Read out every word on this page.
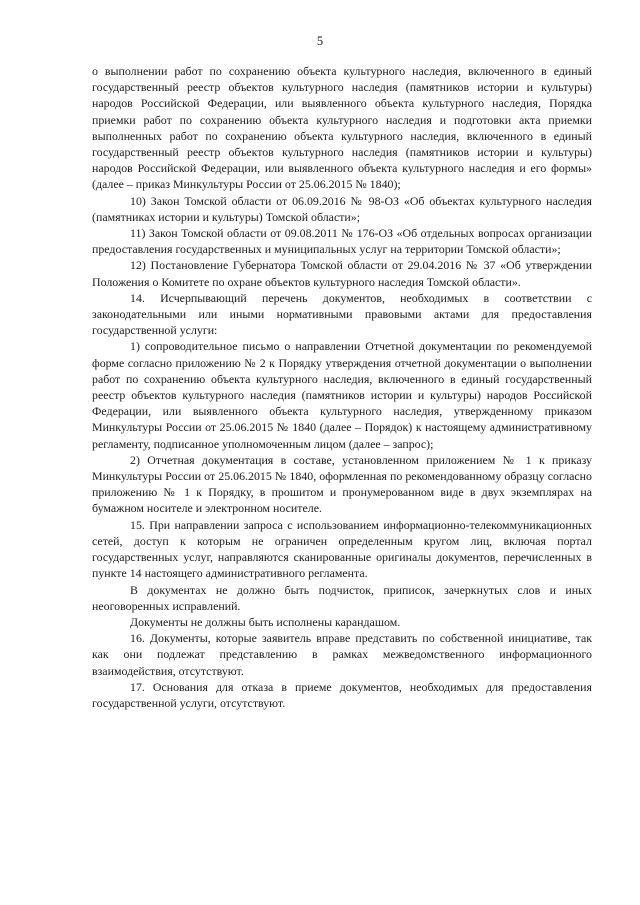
5

о выполнении работ по сохранению объекта культурного наследия, включенного в единый государственный реестр объектов культурного наследия (памятников истории и культуры) народов Российской Федерации, или выявленного объекта культурного наследия, Порядка приемки работ по сохранению объекта культурного наследия и подготовки акта приемки выполненных работ по сохранению объекта культурного наследия, включенного в единый государственный реестр объектов культурного наследия (памятников истории и культуры) народов Российской Федерации, или выявленного объекта культурного наследия и его формы» (далее – приказ Минкультуры России от 25.06.2015 № 1840);

10) Закон Томской области от 06.09.2016 № 98-ОЗ «Об объектах культурного наследия (памятниках истории и культуры) Томской области»;

11) Закон Томской области от 09.08.2011 № 176-ОЗ «Об отдельных вопросах организации предоставления государственных и муниципальных услуг на территории Томской области»;

12) Постановление Губернатора Томской области от 29.04.2016 № 37 «Об утверждении Положения о Комитете по охране объектов культурного наследия Томской области».

14. Исчерпывающий перечень документов, необходимых в соответствии с законодательными или иными нормативными правовыми актами для предоставления государственной услуги:

1) сопроводительное письмо о направлении Отчетной документации по рекомендуемой форме согласно приложению № 2 к Порядку утверждения отчетной документации о выполнении работ по сохранению объекта культурного наследия, включенного в единый государственный реестр объектов культурного наследия (памятников истории и культуры) народов Российской Федерации, или выявленного объекта культурного наследия, утвержденному приказом Минкультуры России от 25.06.2015 № 1840 (далее – Порядок) к настоящему административному регламенту, подписанное уполномоченным лицом (далее – запрос);

2) Отчетная документация в составе, установленном приложением № 1 к приказу Минкультуры России от 25.06.2015 № 1840, оформленная по рекомендованному образцу согласно приложению № 1 к Порядку, в прошитом и пронумерованном виде в двух экземплярах на бумажном носителе и электронном носителе.

15. При направлении запроса с использованием информационно-телекоммуникационных сетей, доступ к которым не ограничен определенным кругом лиц, включая портал государственных услуг, направляются сканированные оригиналы документов, перечисленных в пункте 14 настоящего административного регламента.

В документах не должно быть подчисток, приписок, зачеркнутых слов и иных неоговоренных исправлений.

Документы не должны быть исполнены карандашом.

16. Документы, которые заявитель вправе представить по собственной инициативе, так как они подлежат представлению в рамках межведомственного информационного взаимодействия, отсутствуют.

17. Основания для отказа в приеме документов, необходимых для предоставления государственной услуги, отсутствуют.
